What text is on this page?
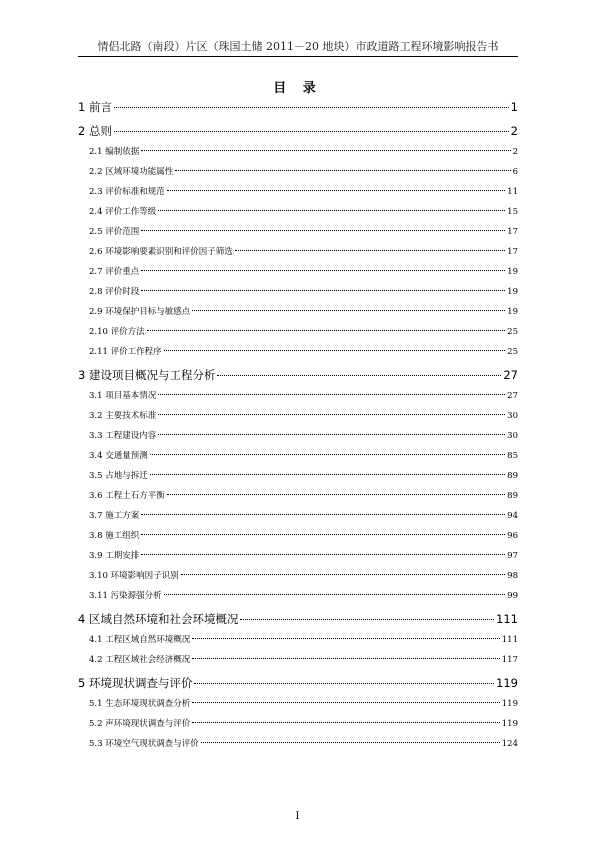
情侣北路（南段）片区（珠国土储 2011－20 地块）市政道路工程环境影响报告书
目 录
1 前言	1
2 总则	2
2.1 编制依据	2
2.2 区域环境功能属性	6
2.3 评价标准和规范	11
2.4 评价工作等级	15
2.5 评价范围	17
2.6 环境影响要素识别和评价因子筛选	17
2.7 评价重点	19
2.8 评价时段	19
2.9 环境保护目标与敏感点	19
2.10 评价方法	25
2.11 评价工作程序	25
3 建设项目概况与工程分析	27
3.1 项目基本情况	27
3.2 主要技术标准	30
3.3 工程建设内容	30
3.4 交通量预测	85
3.5 占地与拆迁	89
3.6 工程土石方平衡	89
3.7 施工方案	94
3.8 施工组织	96
3.9 工期安排	97
3.10 环境影响因子识别	98
3.11 污染源强分析	99
4 区域自然环境和社会环境概况	111
4.1 工程区域自然环境概况	111
4.2 工程区域社会经济概况	117
5 环境现状调查与评价	119
5.1 生态环境现状调查分析	119
5.2 声环境现状调查与评价	119
5.3 环境空气现状调查与评价	124
I
